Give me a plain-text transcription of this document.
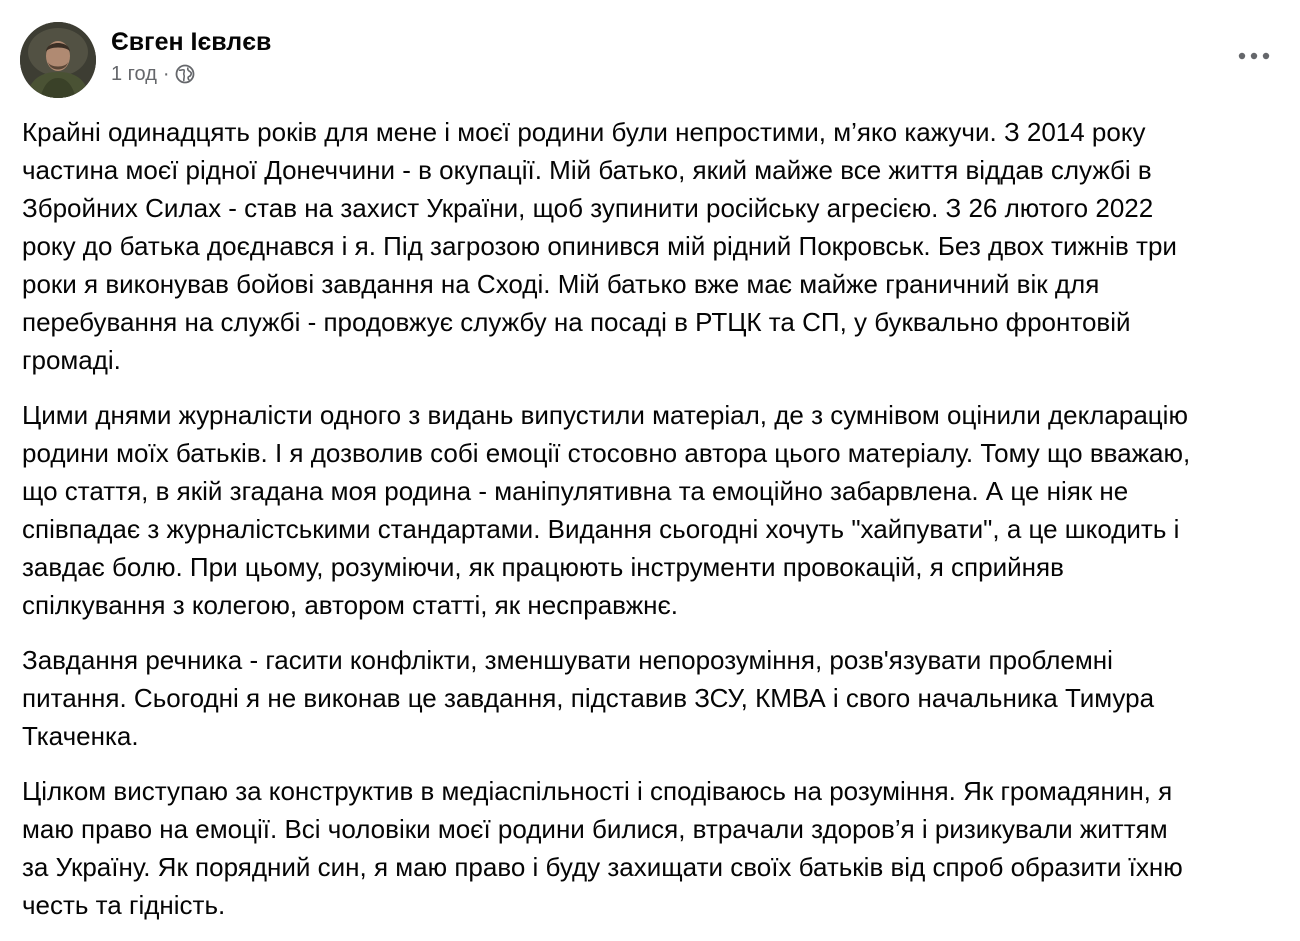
Євген Ієвлєв
1 год ·

Крайні одинадцять років для мене і моєї родини були непростими, м’яко кажучи. З 2014 року
частина моєї рідної Донеччини - в окупації. Мій батько, який майже все життя віддав службі в
Збройних Силах - став на захист України, щоб зупинити російську агресією. З 26 лютого 2022
року до батька доєднався і я. Під загрозою опинився мій рідний Покровськ. Без двох тижнів три
роки я виконував бойові завдання на Сході. Мій батько вже має майже граничний вік для
перебування на службі - продовжує службу на посаді в РТЦК та СП, у буквально фронтовій
громаді.

Цими днями журналісти одного з видань випустили матеріал, де з сумнівом оцінили декларацію
родини моїх батьків. І я дозволив собі емоції стосовно автора цього матеріалу. Тому що вважаю,
що стаття, в якій згадана моя родина - маніпулятивна та емоційно забарвлена. А це ніяк не
співпадає з журналістськими стандартами. Видання сьогодні хочуть "хайпувати", а це шкодить і
завдає болю. При цьому, розуміючи, як працюють інструменти провокацій, я сприйняв
спілкування з колегою, автором статті, як несправжнє.

Завдання речника - гасити конфлікти, зменшувати непорозуміння, розв'язувати проблемні
питання. Сьогодні я не виконав це завдання, підставив ЗСУ, КМВА і свого начальника Тимура
Ткаченка.

Цілком виступаю за конструктив в медіаспільності і сподіваюсь на розуміння. Як громадянин, я
маю право на емоції. Всі чоловіки моєї родини билися, втрачали здоров’я і ризикували життям
за Україну. Як порядний син, я маю право і буду захищати своїх батьків від спроб образити їхню
честь та гідність.
